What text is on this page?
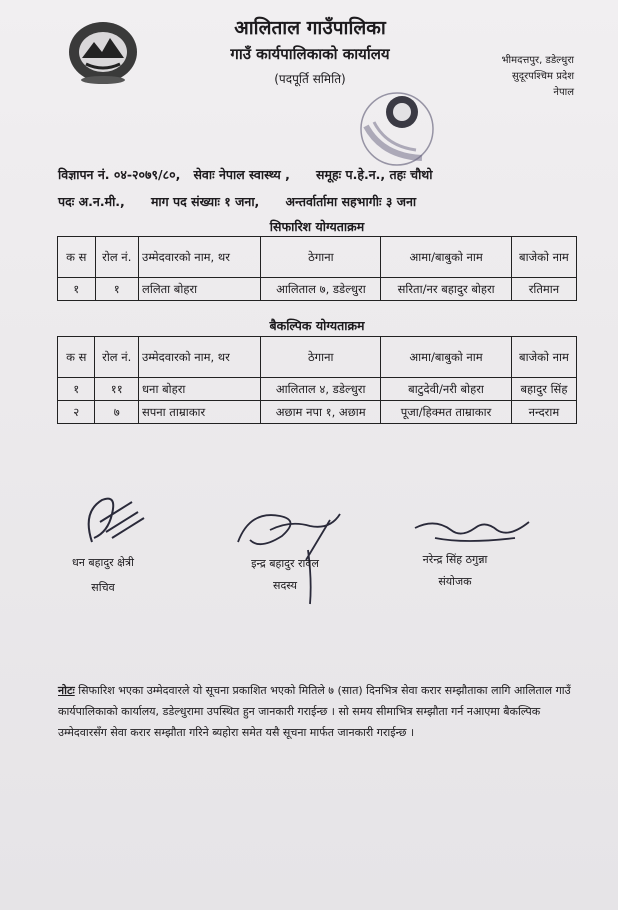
आलिताल गाउँपालिका
गाउँ कार्यपालिकाको कार्यालय
(पदपूर्ति समिति)
भीमदत्तपुर, डडेल्धुरा
सुदूरपश्चिम प्रदेश
नेपाल
विज्ञापन नं. ०४-२०७९/८०, सेवाः नेपाल स्वास्थ्य , समूहः प.हे.न., तहः चौथो
पदः अ.न.मी., माग पद संख्याः १ जना, अन्तर्वार्तामा सहभागीः ३ जना
सिफारिश योग्यताक्रम
क स	रोल नं.	उम्मेदवारको नाम, थर	ठेगाना	आमा/बाबुको नाम	बाजेको नाम
१	१	ललिता बोहरा	आलिताल ७, डडेल्धुरा	सरिता/नर बहादुर बोहरा	रतिमान
बैकल्पिक योग्यताक्रम
क स	रोल नं.	उम्मेदवारको नाम, थर	ठेगाना	आमा/बाबुको नाम	बाजेको नाम
१	११	धना बोहरा	आलिताल ४, डडेल्धुरा	बाटुदेवी/नरी बोहरा	बहादुर सिंह
२	७	सपना ताम्राकार	अछाम नपा १, अछाम	पूजा/हिक्मत ताम्राकार	नन्दराम
धन बहादुर क्षेत्री
सचिव
इन्द्र बहादुर रावल
सदस्य
नरेन्द्र सिंह ठगुन्ना
संयोजक
नोटः सिफारिश भएका उम्मेदवारले यो सूचना प्रकाशित भएको मितिले ७ (सात) दिनभित्र सेवा करार सम्झौताका लागि आलिताल गाउँ कार्यपालिकाको कार्यालय, डडेल्धुरामा उपस्थित हुन जानकारी गराईन्छ । सो समय सीमाभित्र सम्झौता गर्न नआएमा बैकल्पिक उम्मेदवारसँग सेवा करार सम्झौता गरिने ब्यहोरा समेत यसै सूचना मार्फत जानकारी गराईन्छ ।
